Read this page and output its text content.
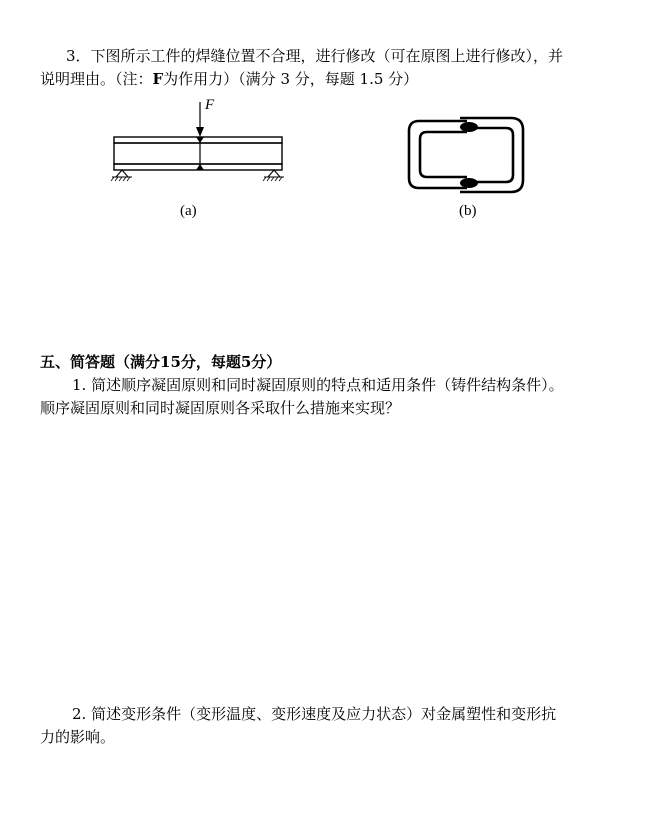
3．下图所示工件的焊缝位置不合理，进行修改（可在原图上进行修改），并
说明理由。（注：F为作用力）（满分 3 分，每题 1.5 分）
F
(a)	(b)
五、简答题（满分15分，每题5分）
1. 简述顺序凝固原则和同时凝固原则的特点和适用条件（铸件结构条件）。
顺序凝固原则和同时凝固原则各采取什么措施来实现？
2. 简述变形条件（变形温度、变形速度及应力状态）对金属塑性和变形抗
力的影响。
